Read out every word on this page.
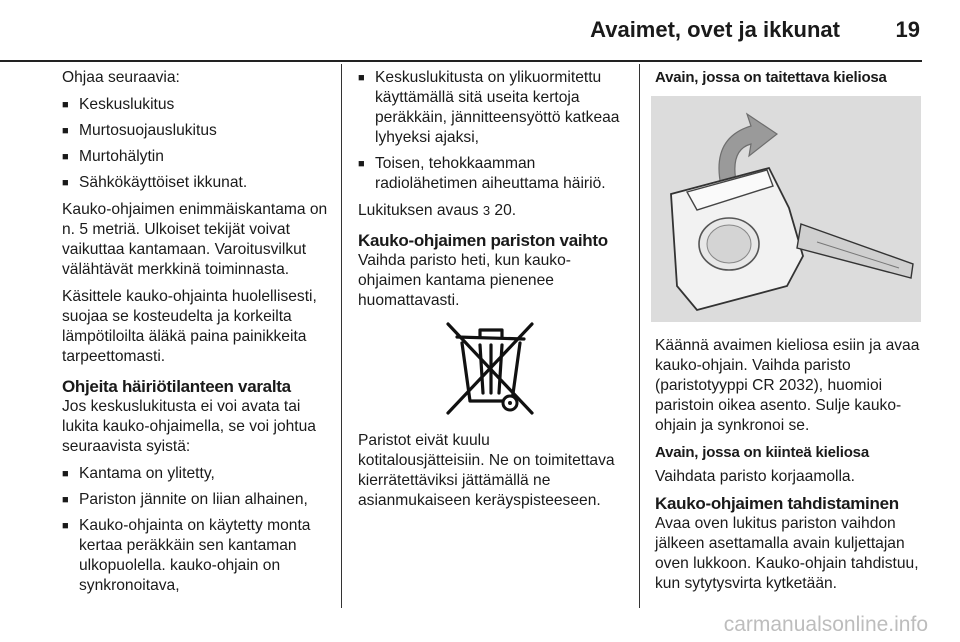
Avaimet, ovet ja ikkunat	19

Ohjaa seuraavia:

■ Keskuslukitus
■ Murtosuojauslukitus
■ Murtohälytin
■ Sähkökäyttöiset ikkunat.

Kauko-ohjaimen enimmäiskantama on n. 5 metriä. Ulkoiset tekijät voivat vaikuttaa kantamaan. Varoitusvilkut välähtävät merkkinä toiminnasta.

Käsittele kauko-ohjainta huolellisesti, suojaa se kosteudelta ja korkeilta lämpötiloilta äläkä paina painikkeita tarpeettomasti.

Ohjeita häiriötilanteen varalta

Jos keskuslukitusta ei voi avata tai lukita kauko-ohjaimella, se voi johtua seuraavista syistä:

■ Kantama on ylitetty,
■ Pariston jännite on liian alhainen,
■ Kauko-ohjainta on käytetty monta kertaa peräkkäin sen kantaman ulkopuolella. kauko-ohjain on synkronoitava,
■ Keskuslukitusta on ylikuormitettu käyttämällä sitä useita kertoja peräkkäin, jännitteensyöttö katkeaa lyhyeksi ajaksi,
■ Toisen, tehokkaamman radiolähetimen aiheuttama häiriö.

Lukituksen avaus 3 20.

Kauko-ohjaimen pariston vaihto

Vaihda paristo heti, kun kauko-ohjaimen kantama pienenee huomattavasti.

Paristot eivät kuulu kotitalousjätteisiin. Ne on toimitettava kierrätettäviksi jättämällä ne asianmukaiseen keräyspisteeseen.

Avain, jossa on taitettava kieliosa

Käännä avaimen kieliosa esiin ja avaa kauko-ohjain. Vaihda paristo (paristotyyppi CR 2032), huomioi paristoin oikea asento. Sulje kauko-ohjain ja synkronoi se.

Avain, jossa on kiinteä kieliosa

Vaihdata paristo korjaamolla.

Kauko-ohjaimen tahdistaminen

Avaa oven lukitus pariston vaihdon jälkeen asettamalla avain kuljettajan oven lukkoon. Kauko-ohjain tahdistuu, kun sytytysvirta kytketään.

carmanualsonline.info
